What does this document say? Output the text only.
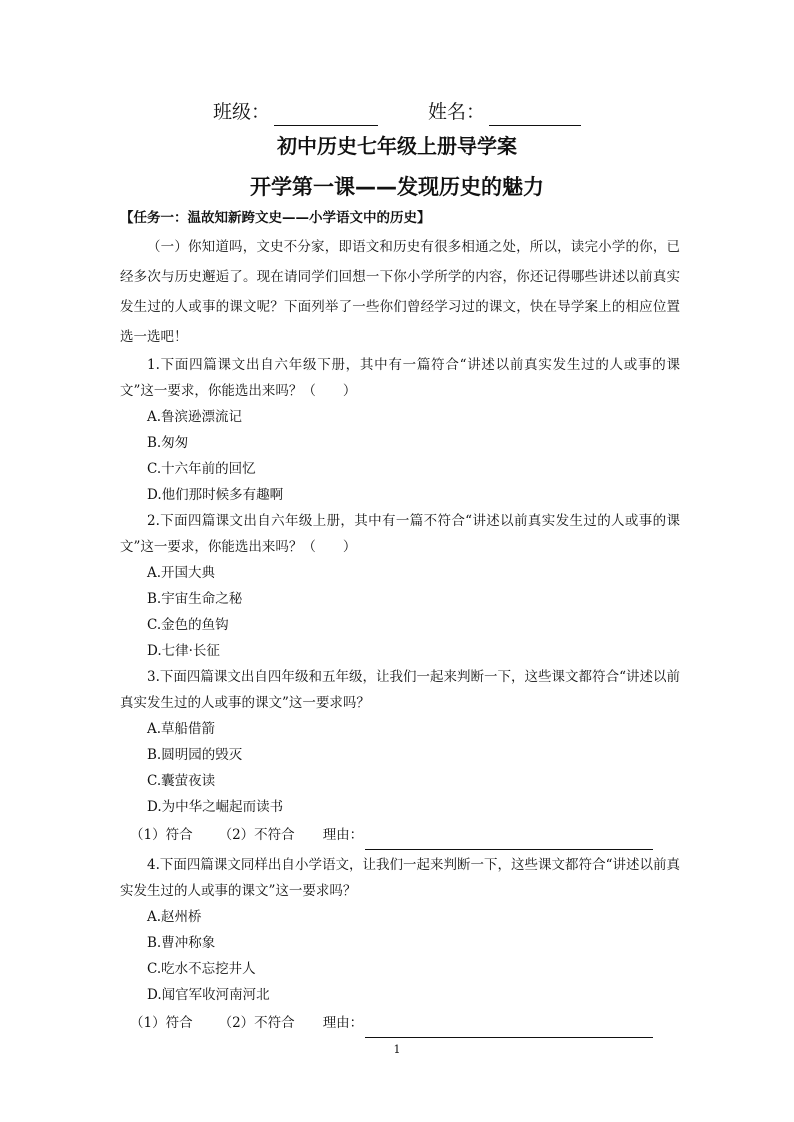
班级：	姓名：
初中历史七年级上册导学案
开学第一课——发现历史的魅力
【任务一：温故知新跨文史——小学语文中的历史】

（一）你知道吗，文史不分家，即语文和历史有很多相通之处，所以，读完小学的你，已经多次与历史邂逅了。现在请同学们回想一下你小学所学的内容，你还记得哪些讲述以前真实发生过的人或事的课文呢？下面列举了一些你们曾经学习过的课文，快在导学案上的相应位置选一选吧！

1.下面四篇课文出自六年级下册，其中有一篇符合“讲述以前真实发生过的人或事的课文”这一要求，你能选出来吗？（　　）

A.鲁滨逊漂流记

B.匆匆

C.十六年前的回忆

D.他们那时候多有趣啊

2.下面四篇课文出自六年级上册，其中有一篇不符合“讲述以前真实发生过的人或事的课文”这一要求，你能选出来吗？（　　）

A.开国大典

B.宇宙生命之秘

C.金色的鱼钩

D.七律·长征

3.下面四篇课文出自四年级和五年级，让我们一起来判断一下，这些课文都符合“讲述以前真实发生过的人或事的课文”这一要求吗？

A.草船借箭

B.圆明园的毁灭

C.囊萤夜读

D.为中华之崛起而读书

（1）符合 （2）不符合 理由：

4.下面四篇课文同样出自小学语文，让我们一起来判断一下，这些课文都符合“讲述以前真实发生过的人或事的课文”这一要求吗？

A.赵州桥

B.曹冲称象

C.吃水不忘挖井人

D.闻官军收河南河北

（1）符合 （2）不符合 理由：

1
